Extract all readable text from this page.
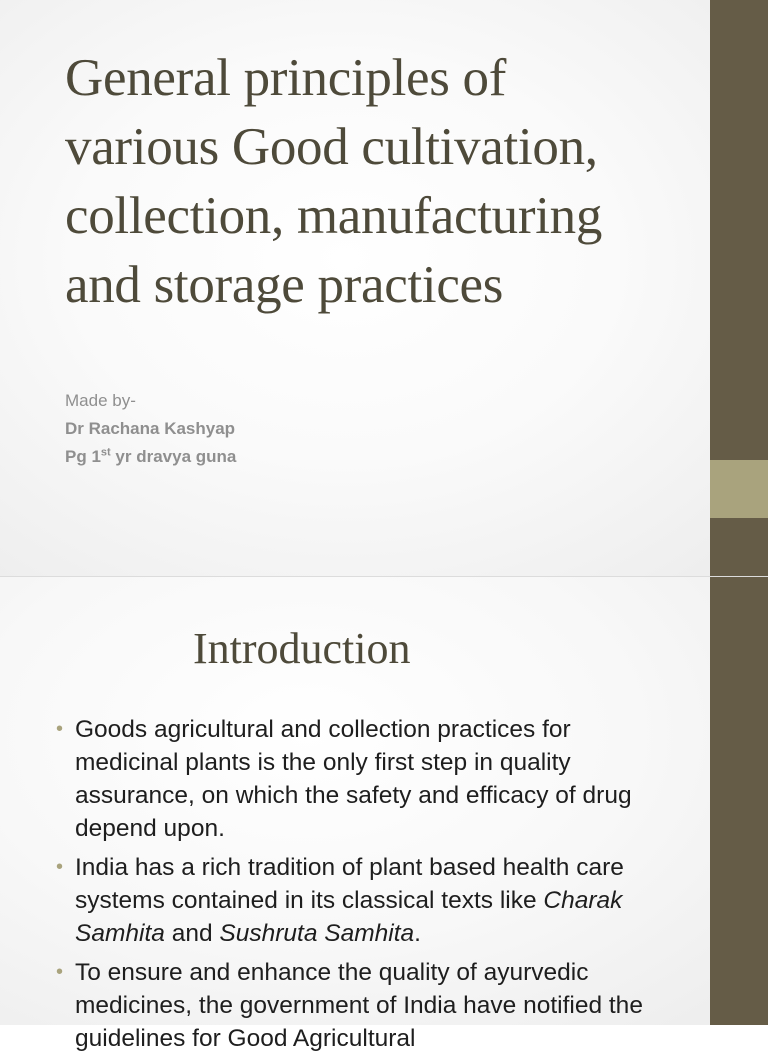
General principles of
various Good cultivation,
collection, manufacturing
and storage practices
Made by-
Dr Rachana Kashyap
Pg 1st yr dravya guna
Introduction
• Goods agricultural and collection practices for medicinal plants is the only first step in quality assurance, on which the safety and efficacy of drug depend upon.
• India has a rich tradition of plant based health care systems contained in its classical texts like Charak Samhita and Sushruta Samhita.
• To ensure and enhance the quality of ayurvedic medicines, the government of India have notified the guidelines for Good Agricultural
